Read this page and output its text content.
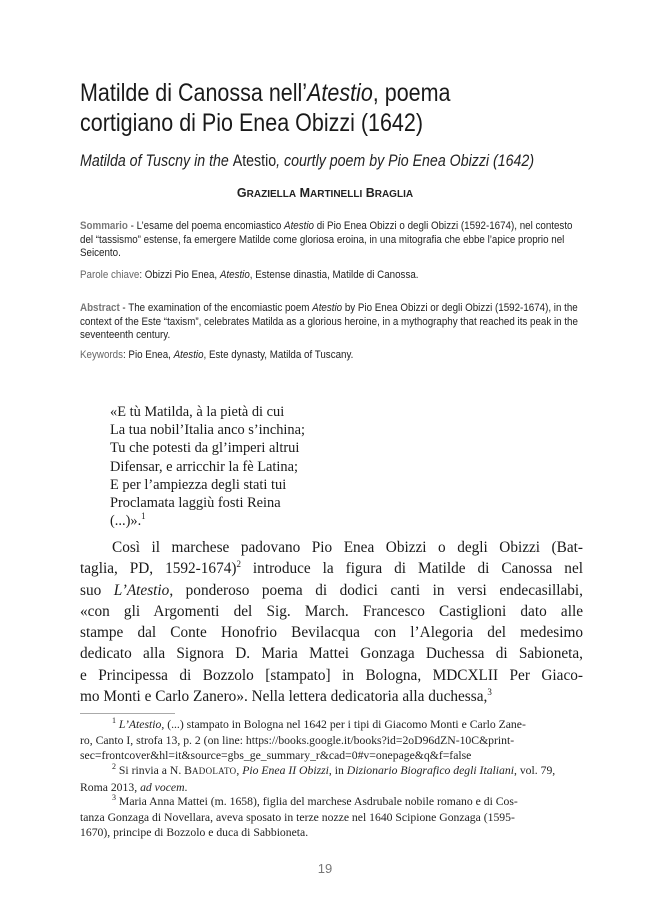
Matilde di Canossa nell’Atestio, poema
cortigiano di Pio Enea Obizzi (1642)

Matilda of Tuscny in the Atestio, courtly poem by Pio Enea Obizzi (1642)

GRAZIELLA MARTINELLI BRAGLIA

Sommario - L’esame del poema encomiastico Atestio di Pio Enea Obizzi o degli Obizzi (1592-1674), nel contesto del “tassismo” estense, fa emergere Matilde come gloriosa eroina, in una mitografia che ebbe l’apice proprio nel Seicento.

Parole chiave: Obizzi Pio Enea, Atestio, Estense dinastia, Matilde di Canossa.

Abstract - The examination of the encomiastic poem Atestio by Pio Enea Obizzi or degli Obizzi (1592-1674), in the context of the Este “taxism”, celebrates Matilda as a glorious heroine, in a mythography that reached its peak in the seventeenth century.

Keywords: Pio Enea, Atestio, Este dynasty, Matilda of Tuscany.

«E tù Matilda, à la pietà di cui
La tua nobil’Italia anco s’inchina;
Tu che potesti da gl’imperi altrui
Difensar, e arricchir la fè Latina;
E per l’ampiezza degli stati tui
Proclamata laggiù fosti Reina
(...)».$^1$
Così il marchese padovano Pio Enea Obizzi o degli Obizzi (Bat-
taglia, PD, 1592-1674)$^2$ introduce la figura di Matilde di Canossa nel
suo L’Atestio, ponderoso poema di dodici canti in versi endecasillabi,
«con gli Argomenti del Sig. March. Francesco Castiglioni dato alle
stampe dal Conte Honofrio Bevilacqua con l’Alegoria del medesimo
dedicato alla Signora D. Maria Mattei Gonzaga Duchessa di Sabioneta,
e Principessa di Bozzolo [stampato] in Bologna, MDCXLII Per Giaco-
mo Monti e Carlo Zanero». Nella lettera dedicatoria alla duchessa,$^3$
$^1$ L’Atestio, (...) stampato in Bologna nel 1642 per i tipi di Giacomo Monti e Carlo Zane-
ro, Canto I, strofa 13, p. 2 (on line: https://books.google.it/books?id=2oD96dZN-10C&print-
sec=frontcover&hl=it&source=gbs_ge_summary_r&cad=0#v=onepage&q&f=false
$^2$ Si rinvia a N. BADOLATO, Pio Enea II Obizzi, in Dizionario Biografico degli Italiani, vol. 79,
Roma 2013, ad vocem.
$^3$ Maria Anna Mattei (m. 1658), figlia del marchese Asdrubale nobile romano e di Cos-
tanza Gonzaga di Novellara, aveva sposato in terze nozze nel 1640 Scipione Gonzaga (1595-
1670), principe di Bozzolo e duca di Sabbioneta.

19
